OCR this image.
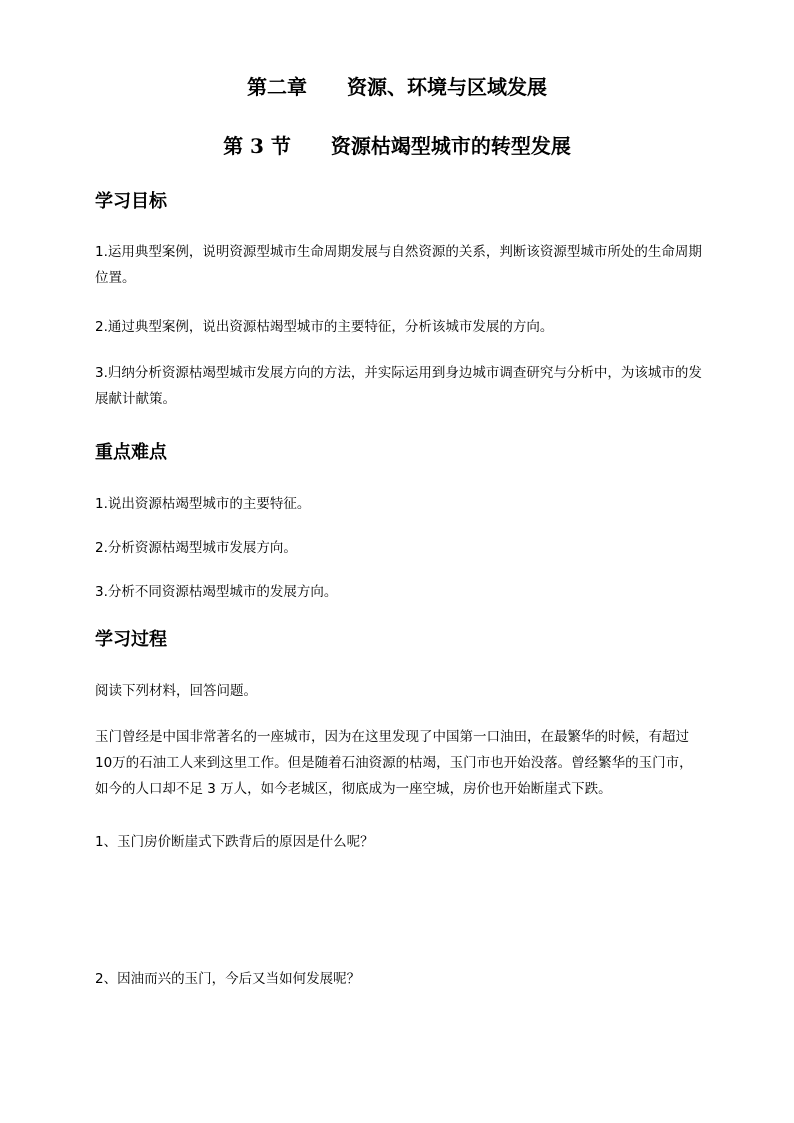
第二章　　资源、环境与区域发展
第 3 节　　资源枯竭型城市的转型发展
学习目标

1.运用典型案例，说明资源型城市生命周期发展与自然资源的关系，判断该资源型城市所处的生命周期位置。

2.通过典型案例，说出资源枯竭型城市的主要特征，分析该城市发展的方向。

3.归纳分析资源枯竭型城市发展方向的方法，并实际运用到身边城市调查研究与分析中，为该城市的发展献计献策。

重点难点

1.说出资源枯竭型城市的主要特征。

2.分析资源枯竭型城市发展方向。

3.分析不同资源枯竭型城市的发展方向。

学习过程

阅读下列材料，回答问题。

玉门曾经是中国非常著名的一座城市，因为在这里发现了中国第一口油田，在最繁华的时候，有超过10万的石油工人来到这里工作。但是随着石油资源的枯竭，玉门市也开始没落。曾经繁华的玉门市，如今的人口却不足 3 万人，如今老城区，彻底成为一座空城，房价也开始断崖式下跌。

1、玉门房价断崖式下跌背后的原因是什么呢？

2、因油而兴的玉门，今后又当如何发展呢？
